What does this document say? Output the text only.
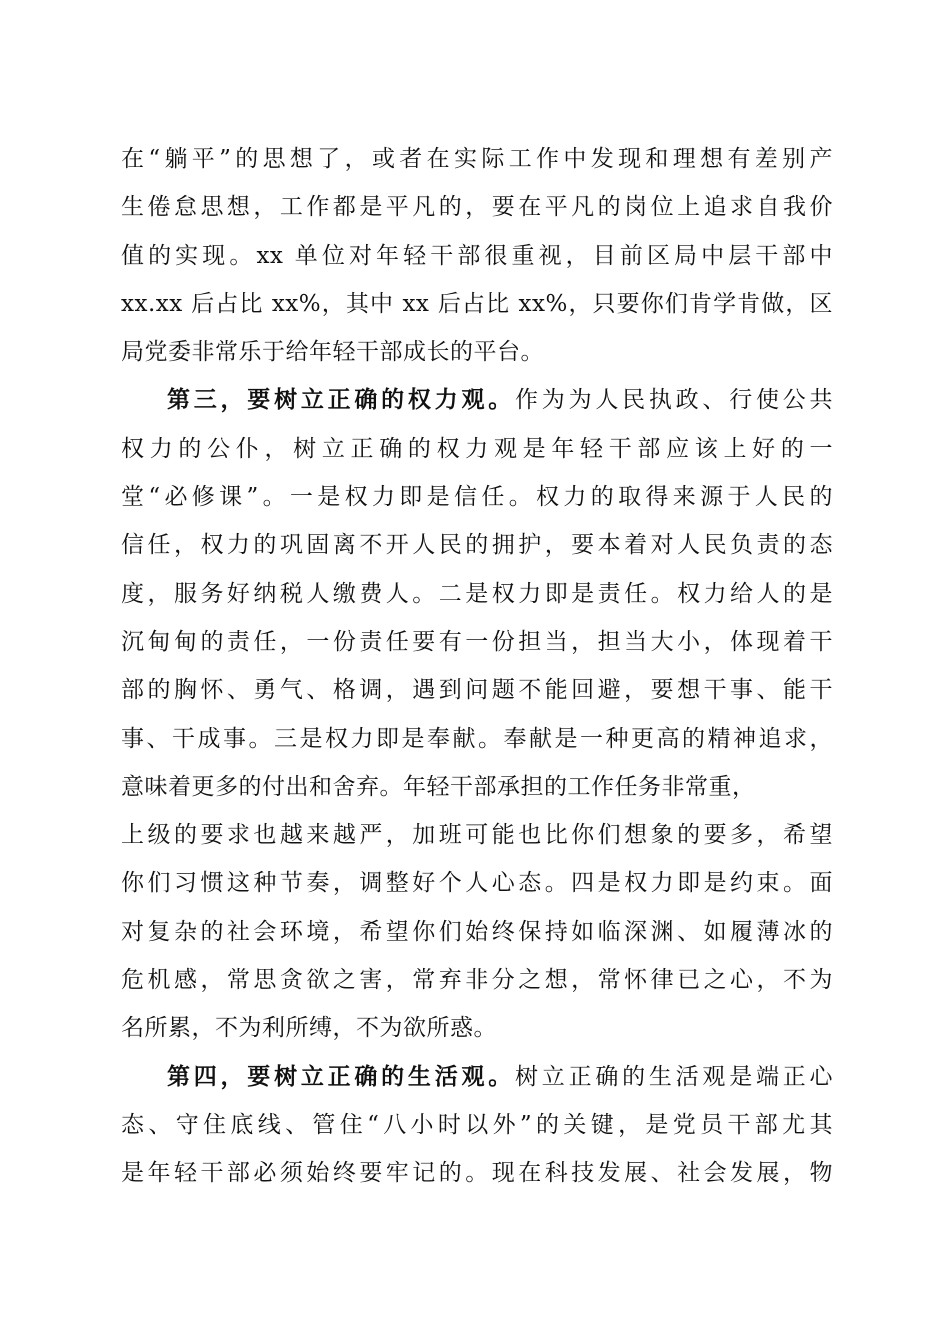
在“躺平”的思想了，或者在实际工作中发现和理想有差别产
生倦怠思想，工作都是平凡的，要在平凡的岗位上追求自我价
值的实现。xx 单位对年轻干部很重视，目前区局中层干部中
xx.xx 后占比 xx%，其中 xx 后占比 xx%，只要你们肯学肯做，区
局党委非常乐于给年轻干部成长的平台。
第三，要树立正确的权力观。作为为人民执政、行使公共
权力的公仆，树立正确的权力观是年轻干部应该上好的一
堂“必修课”。一是权力即是信任。权力的取得来源于人民的
信任，权力的巩固离不开人民的拥护，要本着对人民负责的态
度，服务好纳税人缴费人。二是权力即是责任。权力给人的是
沉甸甸的责任，一份责任要有一份担当，担当大小，体现着干
部的胸怀、勇气、格调，遇到问题不能回避，要想干事、能干
事、干成事。三是权力即是奉献。奉献是一种更高的精神追求，
意味着更多的付出和舍弃。年轻干部承担的工作任务非常重，
上级的要求也越来越严，加班可能也比你们想象的要多，希望
你们习惯这种节奏，调整好个人心态。四是权力即是约束。面
对复杂的社会环境，希望你们始终保持如临深渊、如履薄冰的
危机感，常思贪欲之害，常弃非分之想，常怀律已之心，不为
名所累，不为利所缚，不为欲所惑。
第四，要树立正确的生活观。树立正确的生活观是端正心
态、守住底线、管住“八小时以外”的关键，是党员干部尤其
是年轻干部必须始终要牢记的。现在科技发展、社会发展，物
